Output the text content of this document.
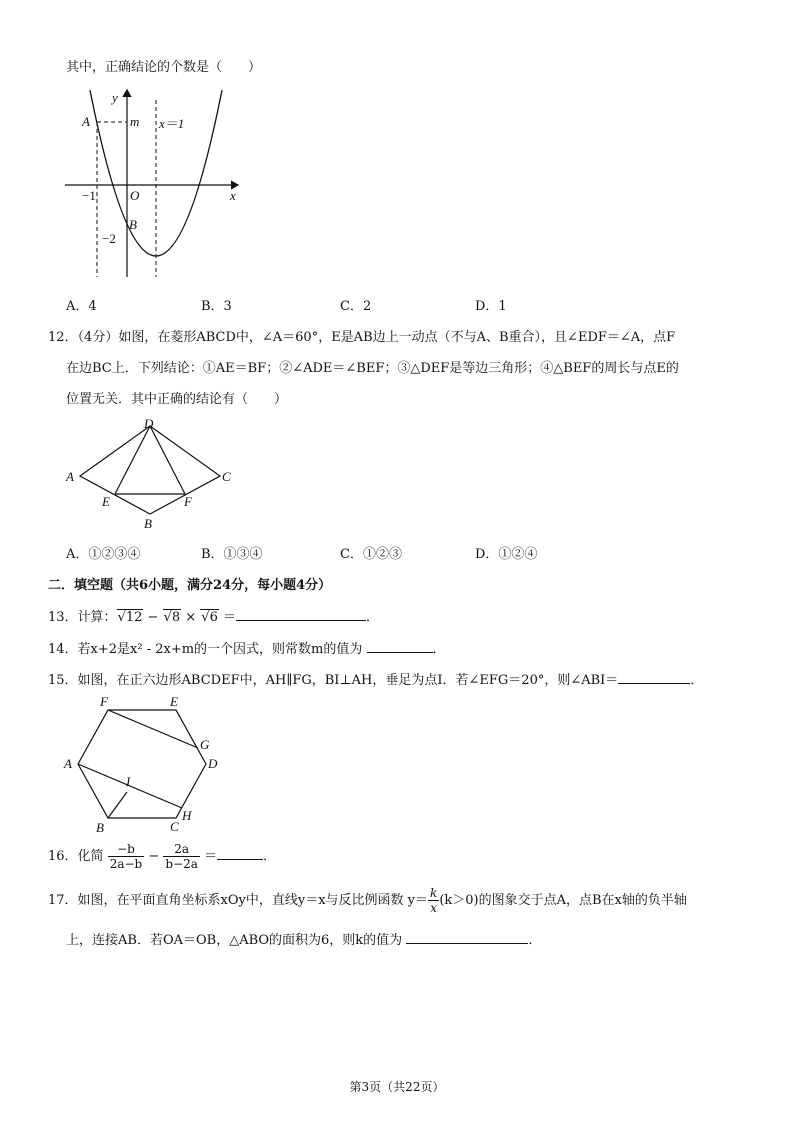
其中，正确结论的个数是（　　）
y
x
A	m x＝1
−1	O
B
−2
A．4	B．3	C．2	D．1
12．（4分）如图，在菱形ABCD中，∠A＝60°，E是AB边上一动点（不与A、B重合），且∠EDF＝∠A，点F
在边BC上．下列结论：①AE＝BF；②∠ADE＝∠BEF；③△DEF是等边三角形；④△BEF的周长与点E的
位置无关．其中正确的结论有（　　）
D
A	C
E	F
B
A．①②③④	B．①③④	C．①②③	D．①②④
二．填空题（共6小题，满分24分，每小题4分）
13．计算：√12 − √8 × √6 ＝	．
14．若x+2是x² - 2x+m的一个因式，则常数m的值为	．
15．如图，在正六边形ABCDEF中，AH∥FG，BI⊥AH，垂足为点I．若∠EFG＝20°，则∠ABI＝	．
F	E
G
A	D
I
B	C
H
16．化简 $\frac{-b}{2a-b} - \frac{2a}{b-2a}$ ＝	．
17．如图，在平面直角坐标系xOy中，直线y＝x与反比例函数 $y= \frac{k}{x} (k>0)$的图象交于点A，点B在x轴的负半轴
上，连接AB．若OA＝OB，△ABO的面积为6，则k的值为	．
第3页（共22页）
